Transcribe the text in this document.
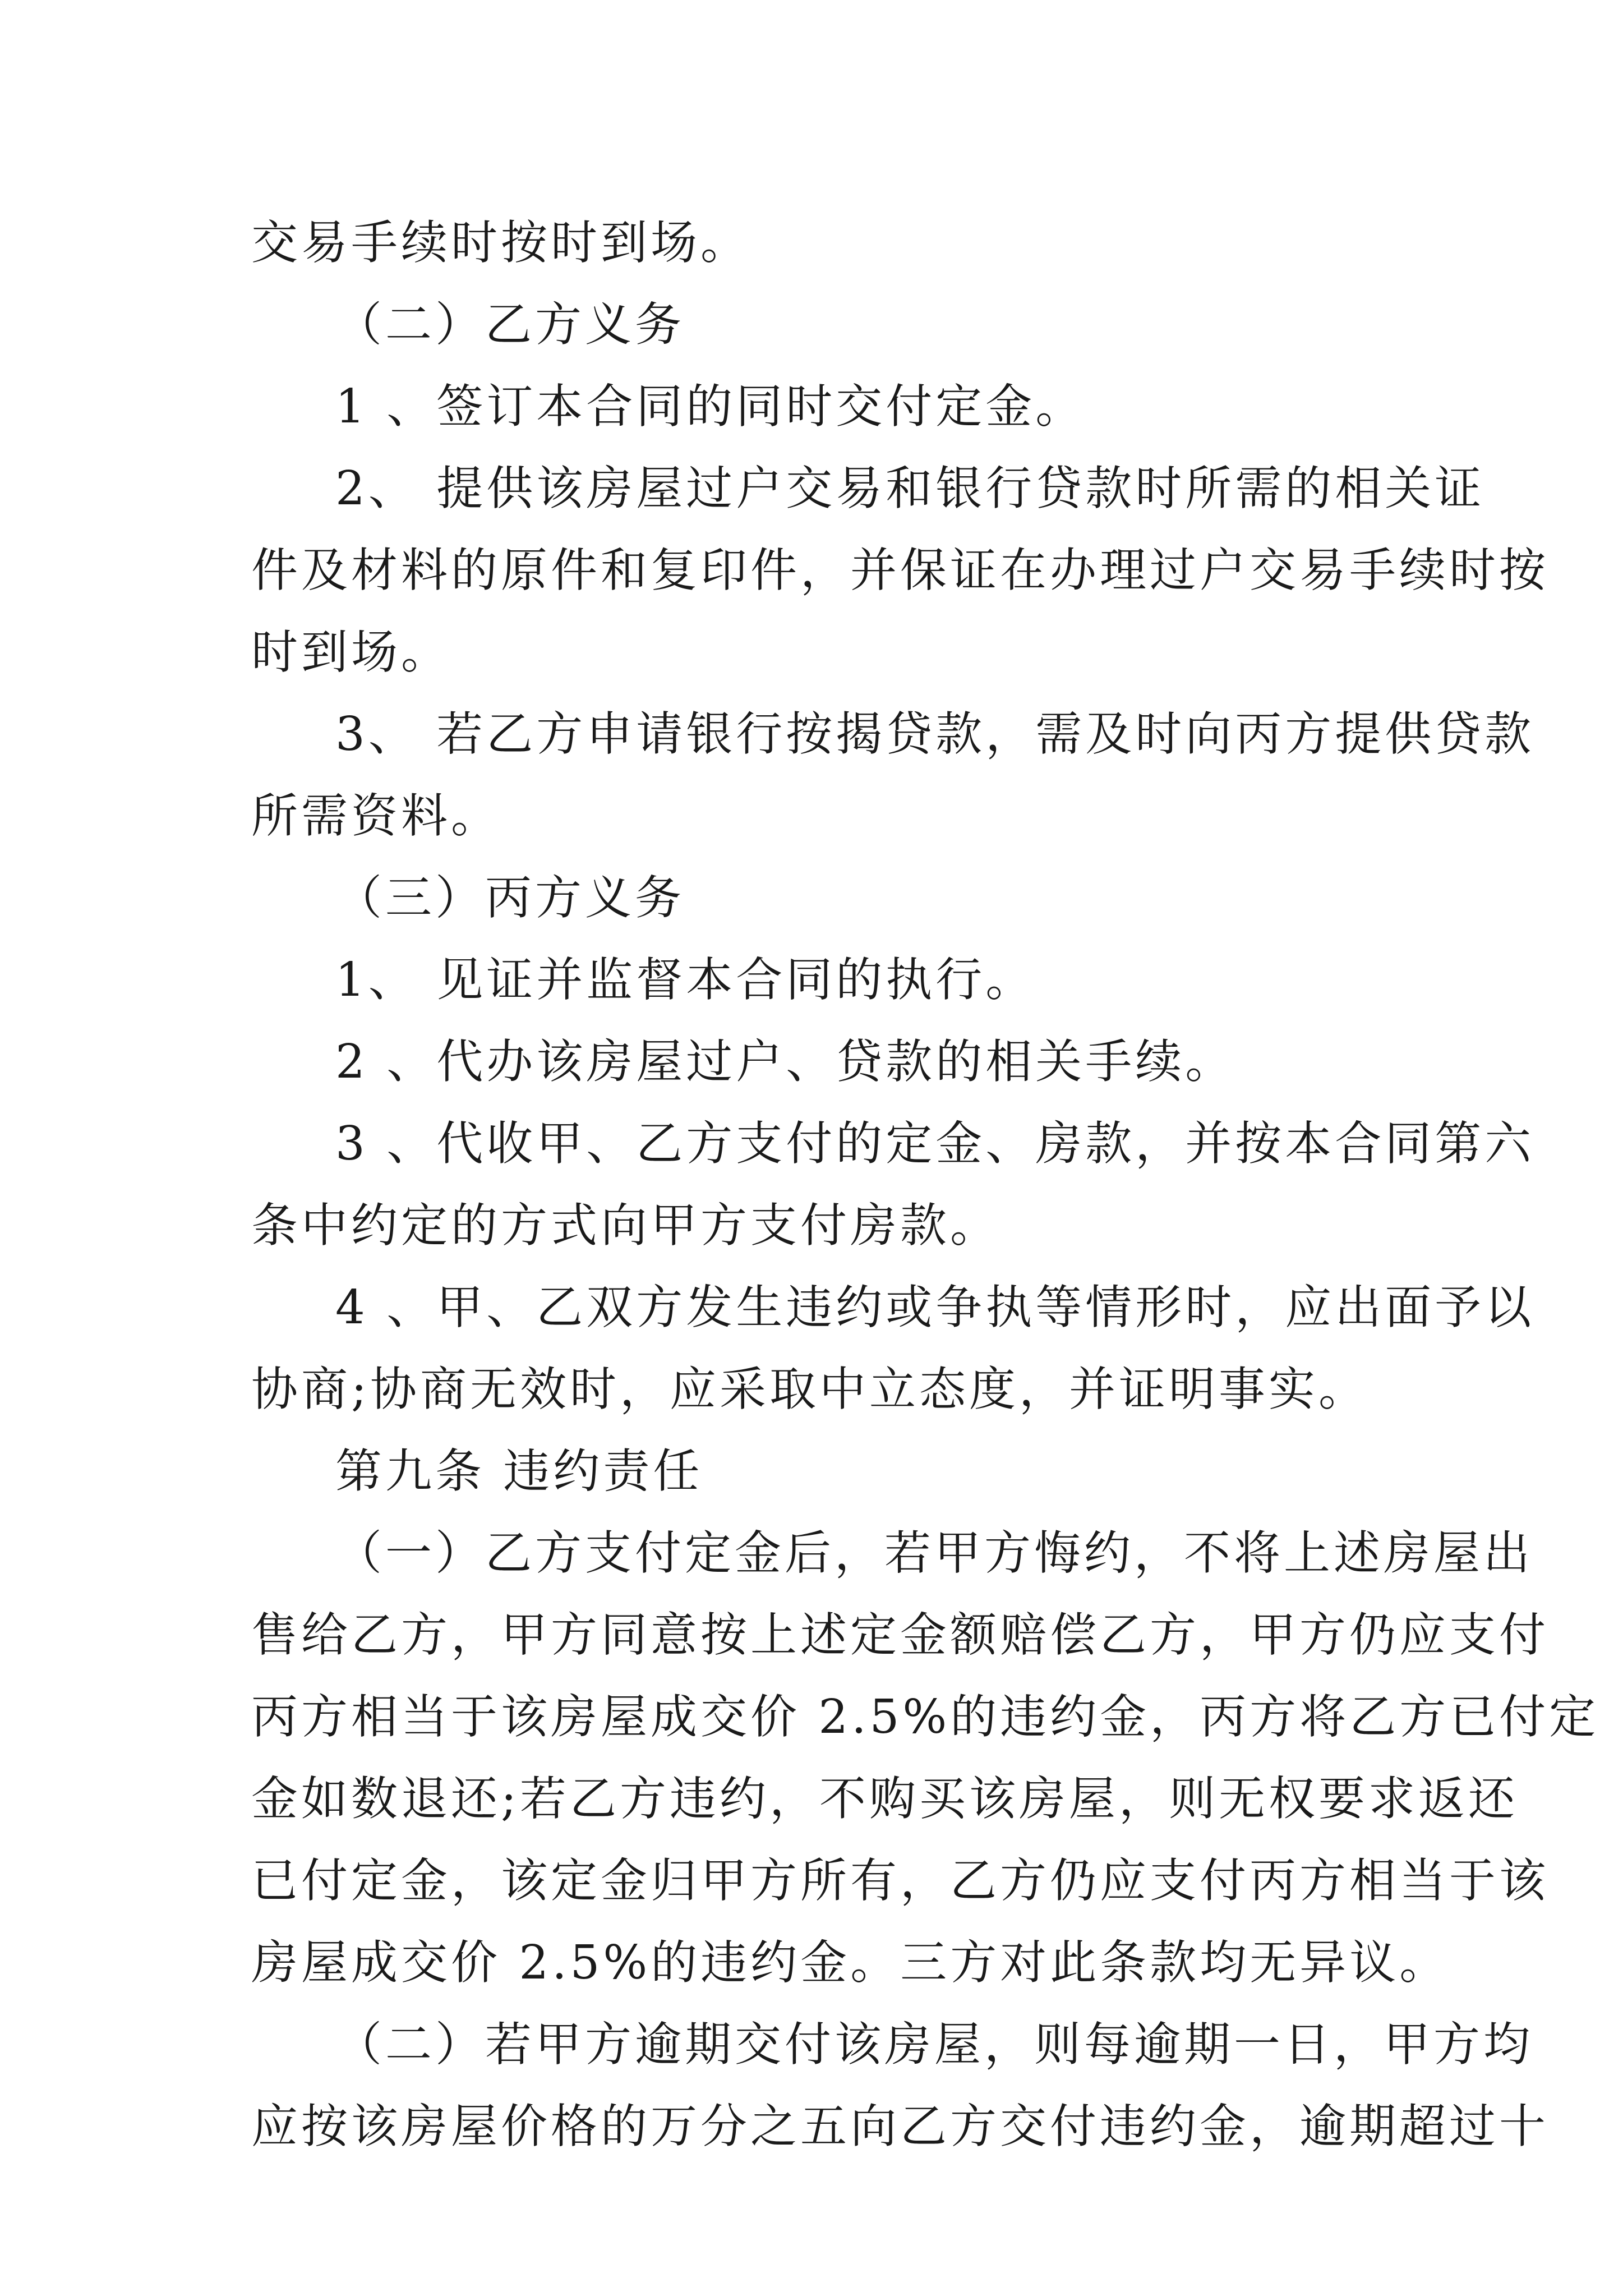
交易手续时按时到场。
（二）乙方义务
1 、签订本合同的同时交付定金。
2、 提供该房屋过户交易和银行贷款时所需的相关证
件及材料的原件和复印件，并保证在办理过户交易手续时按
时到场。
3、 若乙方申请银行按揭贷款，需及时向丙方提供贷款
所需资料。
（三）丙方义务
1、 见证并监督本合同的执行。
2 、代办该房屋过户、贷款的相关手续。
3 、代收甲、乙方支付的定金、房款，并按本合同第六
条中约定的方式向甲方支付房款。
4 、甲、乙双方发生违约或争执等情形时，应出面予以
协商;协商无效时，应采取中立态度，并证明事实。
第九条 违约责任
（一）乙方支付定金后，若甲方悔约，不将上述房屋出
售给乙方，甲方同意按上述定金额赔偿乙方，甲方仍应支付
丙方相当于该房屋成交价 2.5%的违约金，丙方将乙方已付定
金如数退还;若乙方违约，不购买该房屋，则无权要求返还
已付定金，该定金归甲方所有，乙方仍应支付丙方相当于该
房屋成交价 2.5%的违约金。三方对此条款均无异议。
（二）若甲方逾期交付该房屋，则每逾期一日，甲方均
应按该房屋价格的万分之五向乙方交付违约金，逾期超过十
